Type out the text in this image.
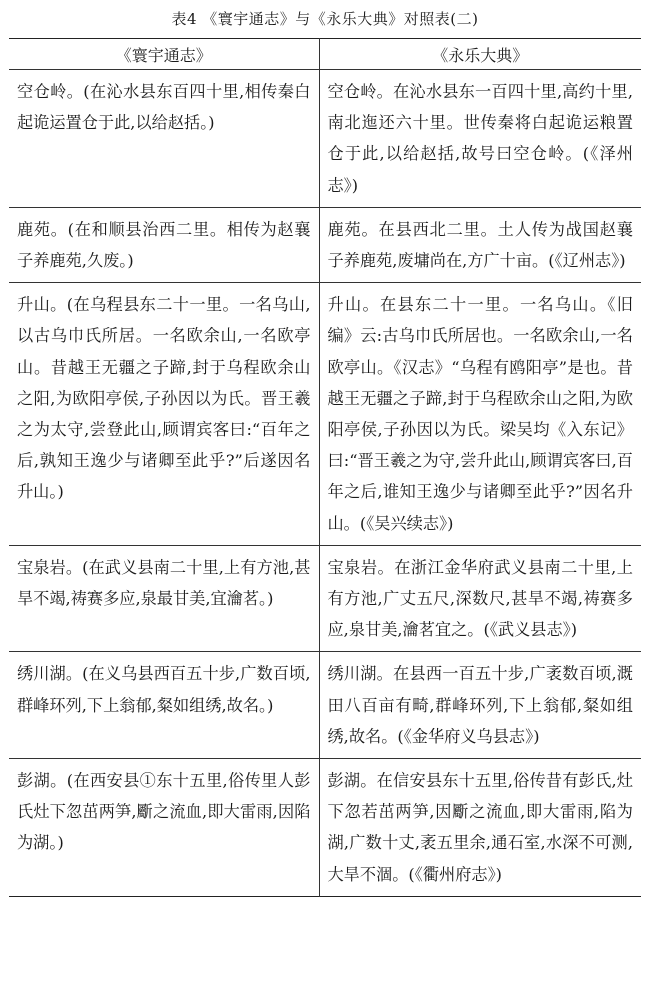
表4 《寰宇通志》与《永乐大典》对照表(二)
《寰宇通志》	《永乐大典》
空仓岭。(在沁水县东百四十里,相传秦白起诡运置仓于此,以给赵括。)	空仓岭。在沁水县东一百四十里,高约十里,南北迤还六十里。世传秦将白起诡运粮置仓于此,以给赵括,故号曰空仓岭。(《泽州志》)
鹿苑。(在和顺县治西二里。相传为赵襄子养鹿苑,久废。)	鹿苑。在县西北二里。土人传为战国赵襄子养鹿苑,废墉尚在,方广十亩。(《辽州志》)
升山。(在乌程县东二十一里。一名乌山,以古乌巾氏所居。一名欧余山,一名欧亭山。昔越王无疆之子蹄,封于乌程欧余山之阳,为欧阳亭侯,子孙因以为氏。晋王羲之为太守,尝登此山,顾谓宾客曰:“百年之后,孰知王逸少与诸卿至此乎?”后遂因名升山。)	升山。在县东二十一里。一名乌山。《旧编》云:古乌巾氏所居也。一名欧余山,一名欧亭山。《汉志》“乌程有鸥阳亭”是也。昔越王无疆之子蹄,封于乌程欧余山之阳,为欧阳亭侯,子孙因以为氏。梁吴均《入东记》曰:“晋王羲之为守,尝升此山,顾谓宾客曰,百年之后,谁知王逸少与诸卿至此乎?”因名升山。(《吴兴续志》)
宝泉岩。(在武义县南二十里,上有方池,甚旱不竭,祷赛多应,泉最甘美,宜瀹茗。)	宝泉岩。在浙江金华府武义县南二十里,上有方池,广丈五尺,深数尺,甚旱不竭,祷赛多应,泉甘美,瀹茗宜之。(《武义县志》)
绣川湖。(在义乌县西百五十步,广数百顷,群峰环列,下上翁郁,粲如组绣,故名。)	绣川湖。在县西一百五十步,广袤数百顷,溉田八百亩有畸,群峰环列,下上翁郁,粲如组绣,故名。(《金华府义乌县志》)
彭湖。(在西安县①东十五里,俗传里人彭氏灶下忽茁两笋,斸之流血,即大雷雨,因陷为湖。)	彭湖。在信安县东十五里,俗传昔有彭氏,灶下忽若茁两笋,因斸之流血,即大雷雨,陷为湖,广数十丈,袤五里余,通石室,水深不可测,大旱不涸。(《衢州府志》)
